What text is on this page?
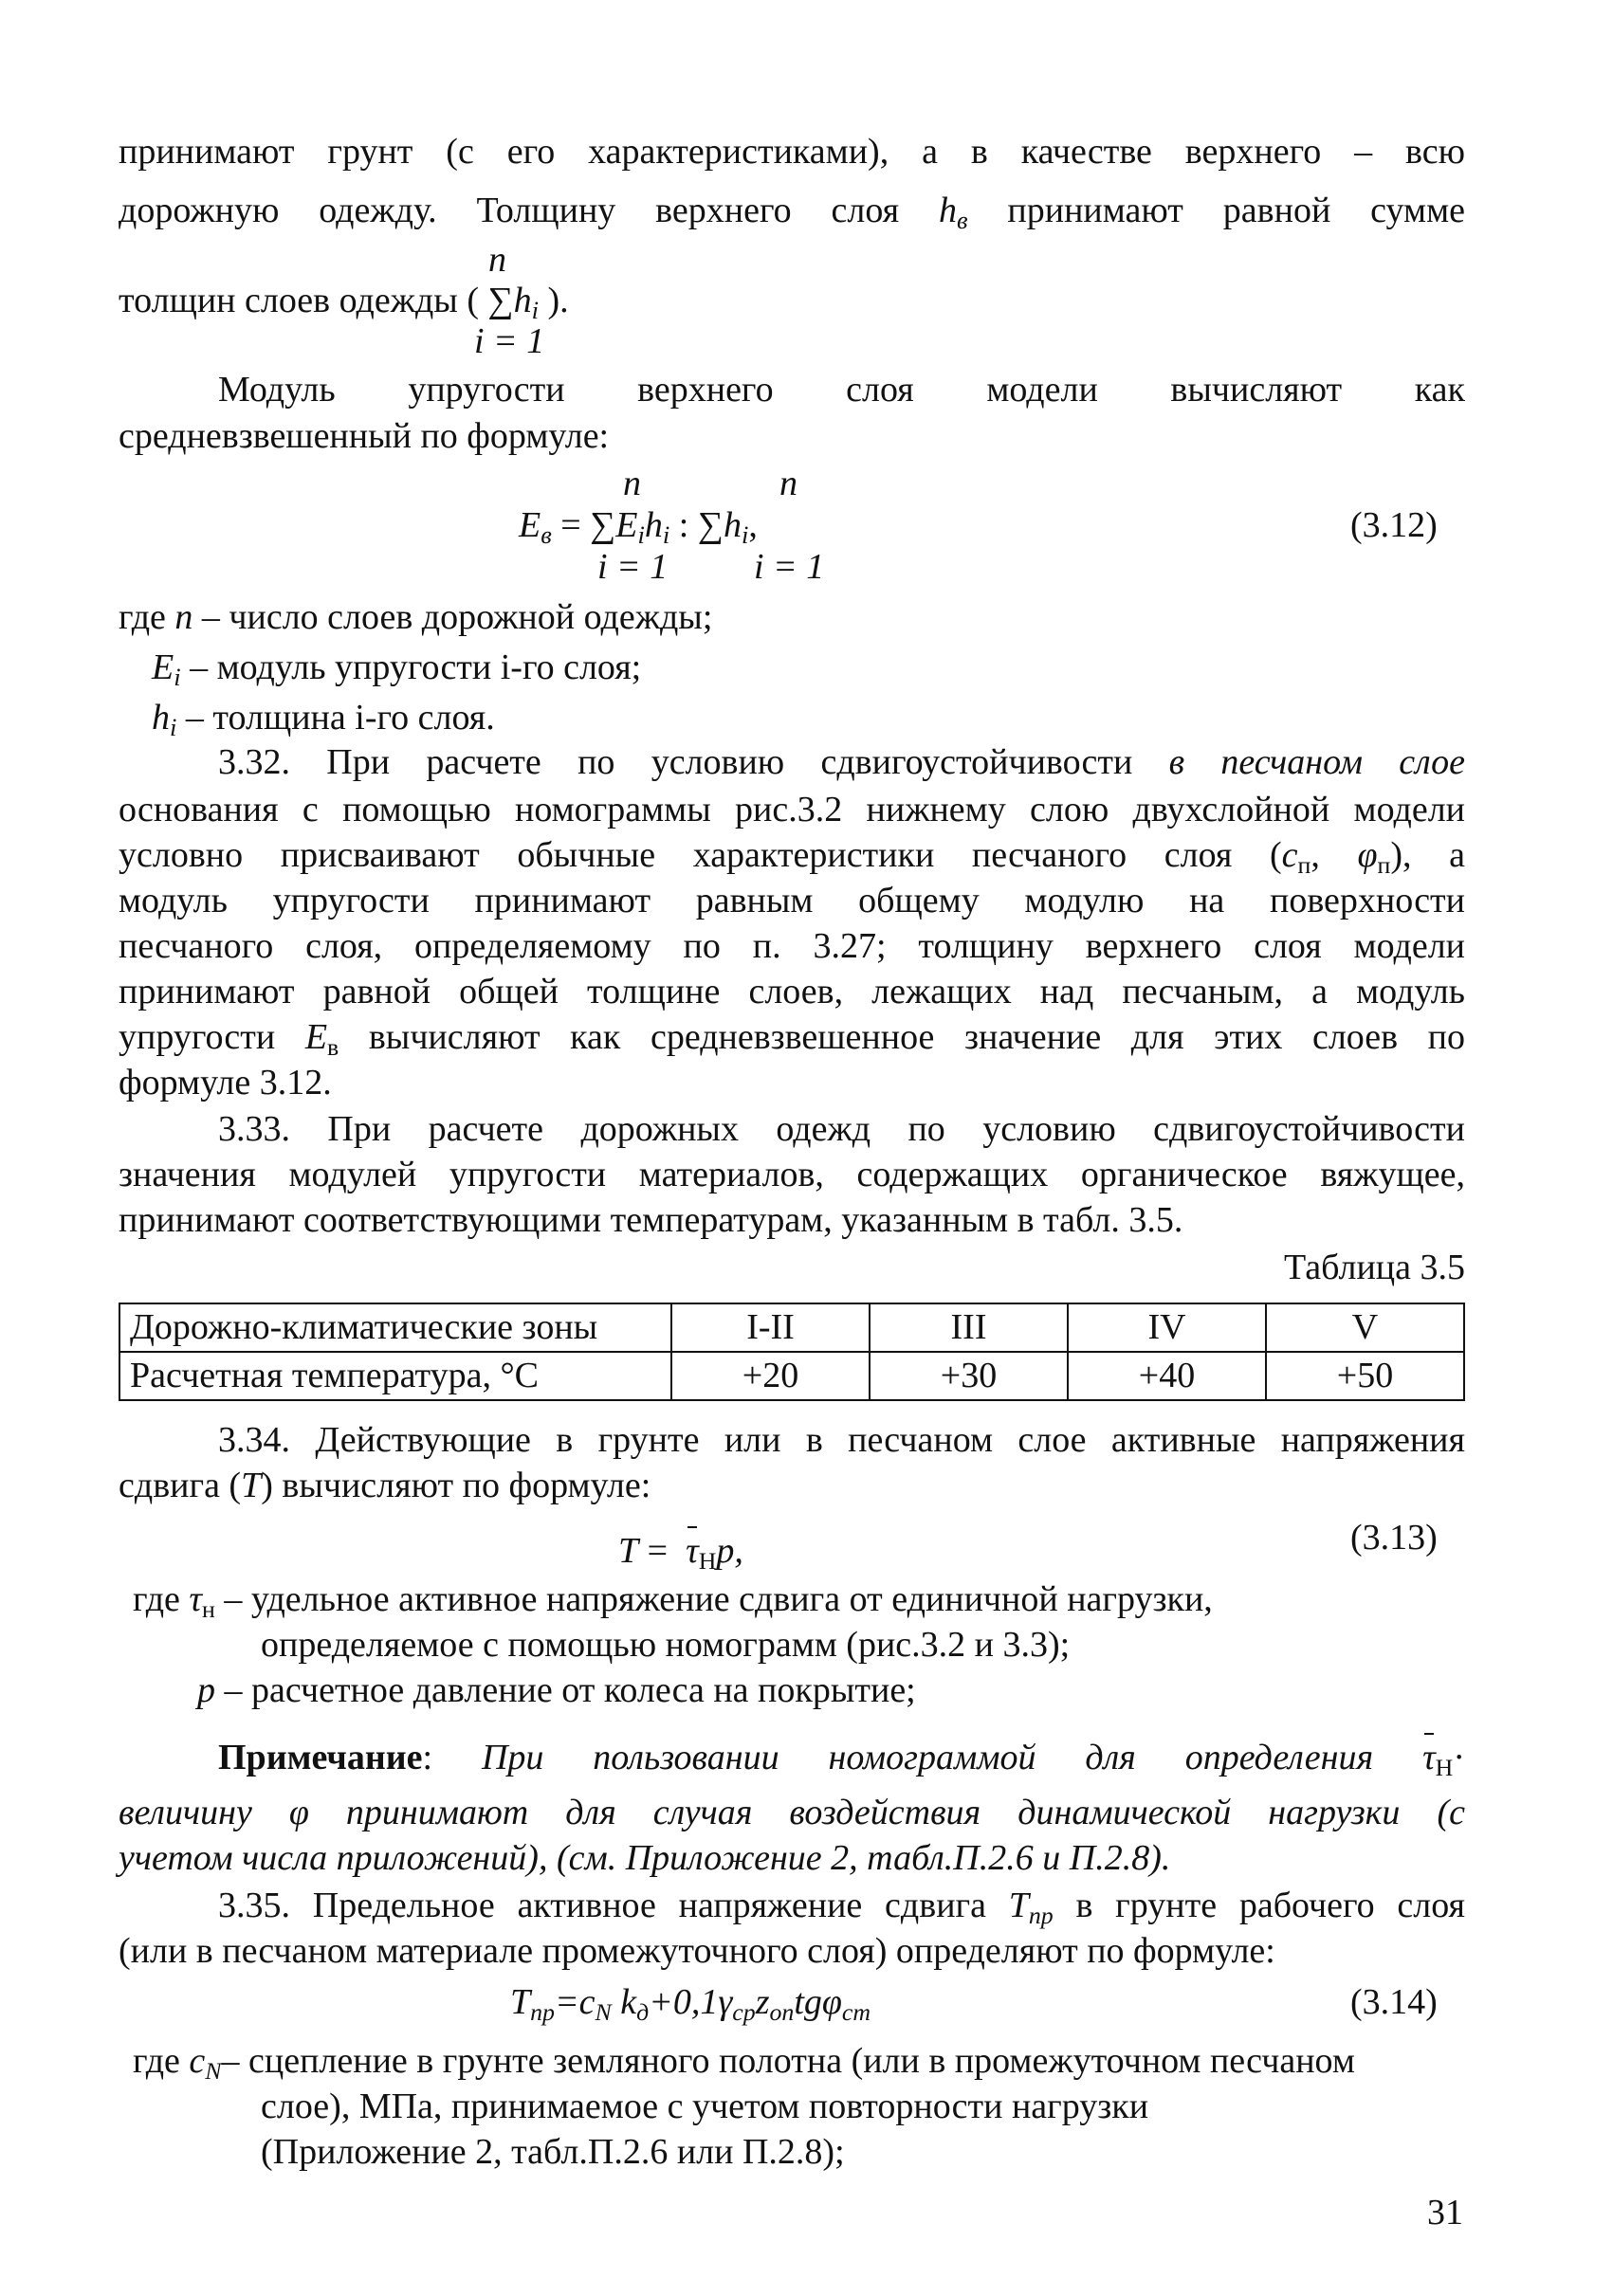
принимают грунт (с его характеристиками), а в качестве верхнего – всю
дорожную одежду. Толщину верхнего слоя hв принимают равной сумме
толщин слоев одежды ( ∑hi ).
n
i = 1
Модуль упругости верхнего слоя модели вычисляют как
средневзвешенный по формуле:
n	n
Eв = ∑Eihi : ∑hi,	(3.12)
i = 1 i = 1
где n – число слоев дорожной одежды;
Ei – модуль упругости i-го слоя;
hi – толщина i-го слоя.
3.32. При расчете по условию сдвигоустойчивости в песчаном слое
основания с помощью номограммы рис.3.2 нижнему слою двухслойной модели
условно присваивают обычные характеристики песчаного слоя (cп, φп), а
модуль упругости принимают равным общему модулю на поверхности
песчаного слоя, определяемому по п. 3.27; толщину верхнего слоя модели
принимают равной общей толщине слоев, лежащих над песчаным, а модуль
упругости Eв вычисляют как средневзвешенное значение для этих слоев по
формуле 3.12.
3.33. При расчете дорожных одежд по условию сдвигоустойчивости
значения модулей упругости материалов, содержащих органическое вяжущее,
принимают соответствующими температурам, указанным в табл. 3.5.
Таблица 3.5
Дорожно-климатические зоны	I-II	III	IV	V
Расчетная температура, °С	+20	+30	+40	+50
3.34. Действующие в грунте или в песчаном слое активные напряжения
сдвига (T) вычисляют по формуле:
T = τНp,	(3.13)
где τн – удельное активное напряжение сдвига от единичной нагрузки,
определяемое с помощью номограмм (рис.3.2 и 3.3);
p – расчетное давление от колеса на покрытие;
Примечание: При пользовании номограммой для определения τН·
величину φ принимают для случая воздействия динамической нагрузки (с
учетом числа приложений), (см. Приложение 2, табл.П.2.6 и П.2.8).
3.35. Предельное активное напряжение сдвига Tпр в грунте рабочего слоя
(или в песчаном материале промежуточного слоя) определяют по формуле:
Tпр=cN kд+0,1γсрzопtgφст	(3.14)
где cN– сцепление в грунте земляного полотна (или в промежуточном песчаном
слое), МПа, принимаемое с учетом повторности нагрузки
(Приложение 2, табл.П.2.6 или П.2.8);
31
